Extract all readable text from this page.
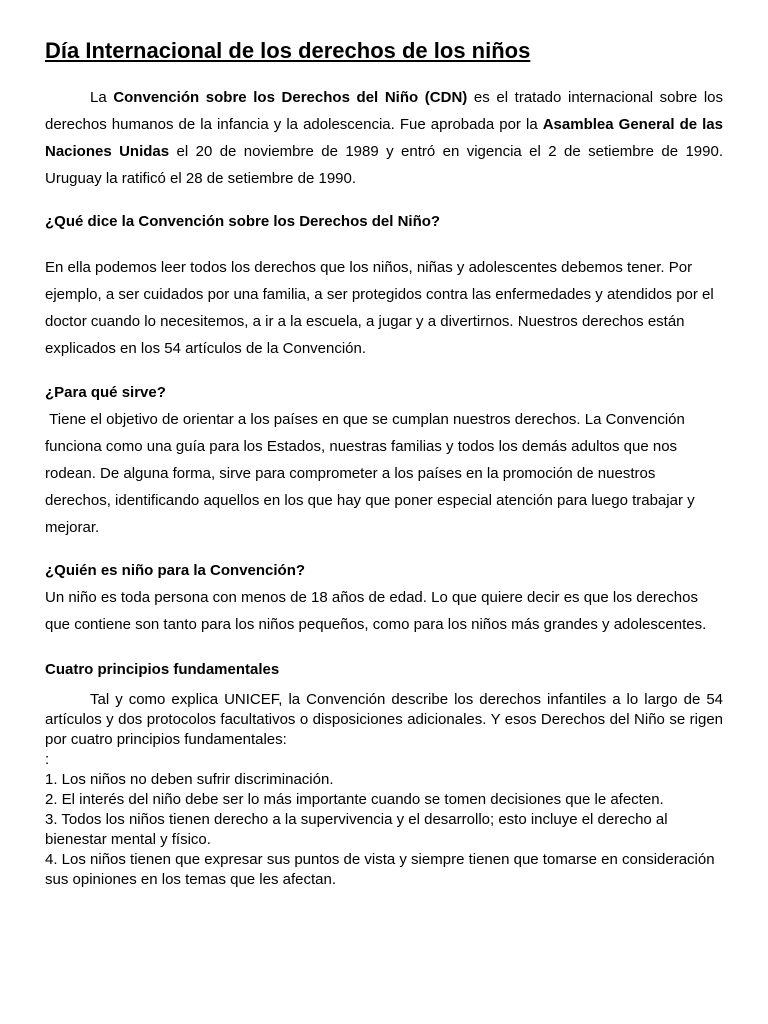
Día Internacional de los derechos de los niños

La Convención sobre los Derechos del Niño (CDN) es el tratado internacional sobre los derechos humanos de la infancia y la adolescencia. Fue aprobada por la Asamblea General de las Naciones Unidas el 20 de noviembre de 1989 y entró en vigencia el 2 de setiembre de 1990. Uruguay la ratificó el 28 de setiembre de 1990.

¿Qué dice la Convención sobre los Derechos del Niño?

En ella podemos leer todos los derechos que los niños, niñas y adolescentes debemos tener. Por ejemplo, a ser cuidados por una familia, a ser protegidos contra las enfermedades y atendidos por el doctor cuando lo necesitemos, a ir a la escuela, a jugar y a divertirnos. Nuestros derechos están explicados en los 54 artículos de la Convención.

¿Para qué sirve?

Tiene el objetivo de orientar a los países en que se cumplan nuestros derechos. La Convención funciona como una guía para los Estados, nuestras familias y todos los demás adultos que nos rodean. De alguna forma, sirve para comprometer a los países en la promoción de nuestros derechos, identificando aquellos en los que hay que poner especial atención para luego trabajar y mejorar.

¿Quién es niño para la Convención?

Un niño es toda persona con menos de 18 años de edad. Lo que quiere decir es que los derechos que contiene son tanto para los niños pequeños, como para los niños más grandes y adolescentes.

Cuatro principios fundamentales

Tal y como explica UNICEF, la Convención describe los derechos infantiles a lo largo de 54 artículos y dos protocolos facultativos o disposiciones adicionales. Y esos Derechos del Niño se rigen por cuatro principios fundamentales:

:

1. Los niños no deben sufrir discriminación.
2. El interés del niño debe ser lo más importante cuando se tomen decisiones que le afecten.
3. Todos los niños tienen derecho a la supervivencia y el desarrollo; esto incluye el derecho al bienestar mental y físico.
4. Los niños tienen que expresar sus puntos de vista y siempre tienen que tomarse en consideración sus opiniones en los temas que les afectan.
